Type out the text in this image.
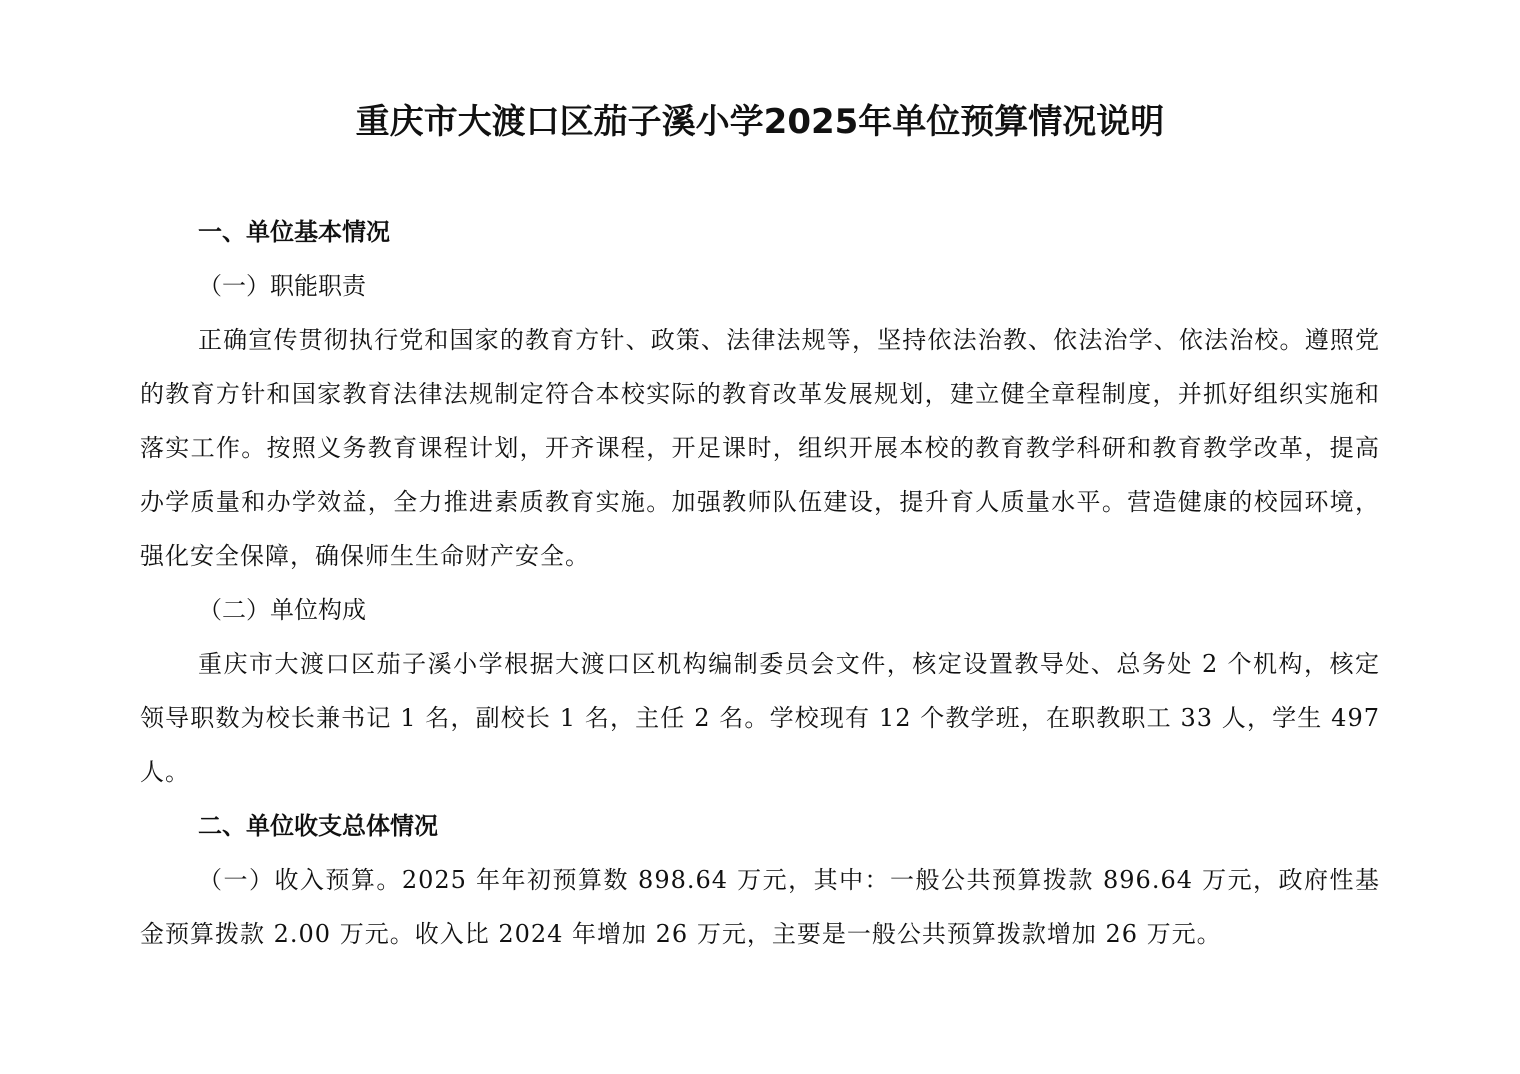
重庆市大渡口区茄子溪小学2025年单位预算情况说明
一、单位基本情况
（一）职能职责

正确宣传贯彻执行党和国家的教育方针、政策、法律法规等，坚持依法治教、依法治学、依法治校。遵照党的教育方针和国家教育法律法规制定符合本校实际的教育改革发展规划，建立健全章程制度，并抓好组织实施和落实工作。按照义务教育课程计划，开齐课程，开足课时，组织开展本校的教育教学科研和教育教学改革，提高办学质量和办学效益，全力推进素质教育实施。加强教师队伍建设，提升育人质量水平。营造健康的校园环境，强化安全保障，确保师生生命财产安全。

（二）单位构成

重庆市大渡口区茄子溪小学根据大渡口区机构编制委员会文件，核定设置教导处、总务处 2 个机构，核定领导职数为校长兼书记 1 名，副校长 1 名，主任 2 名。学校现有 12 个教学班，在职教职工 33 人，学生 497 人。

二、单位收支总体情况

（一）收入预算。2025 年年初预算数 898.64 万元，其中：一般公共预算拨款 896.64 万元，政府性基金预算拨款 2.00 万元。收入比 2024 年增加 26 万元，主要是一般公共预算拨款增加 26 万元。
